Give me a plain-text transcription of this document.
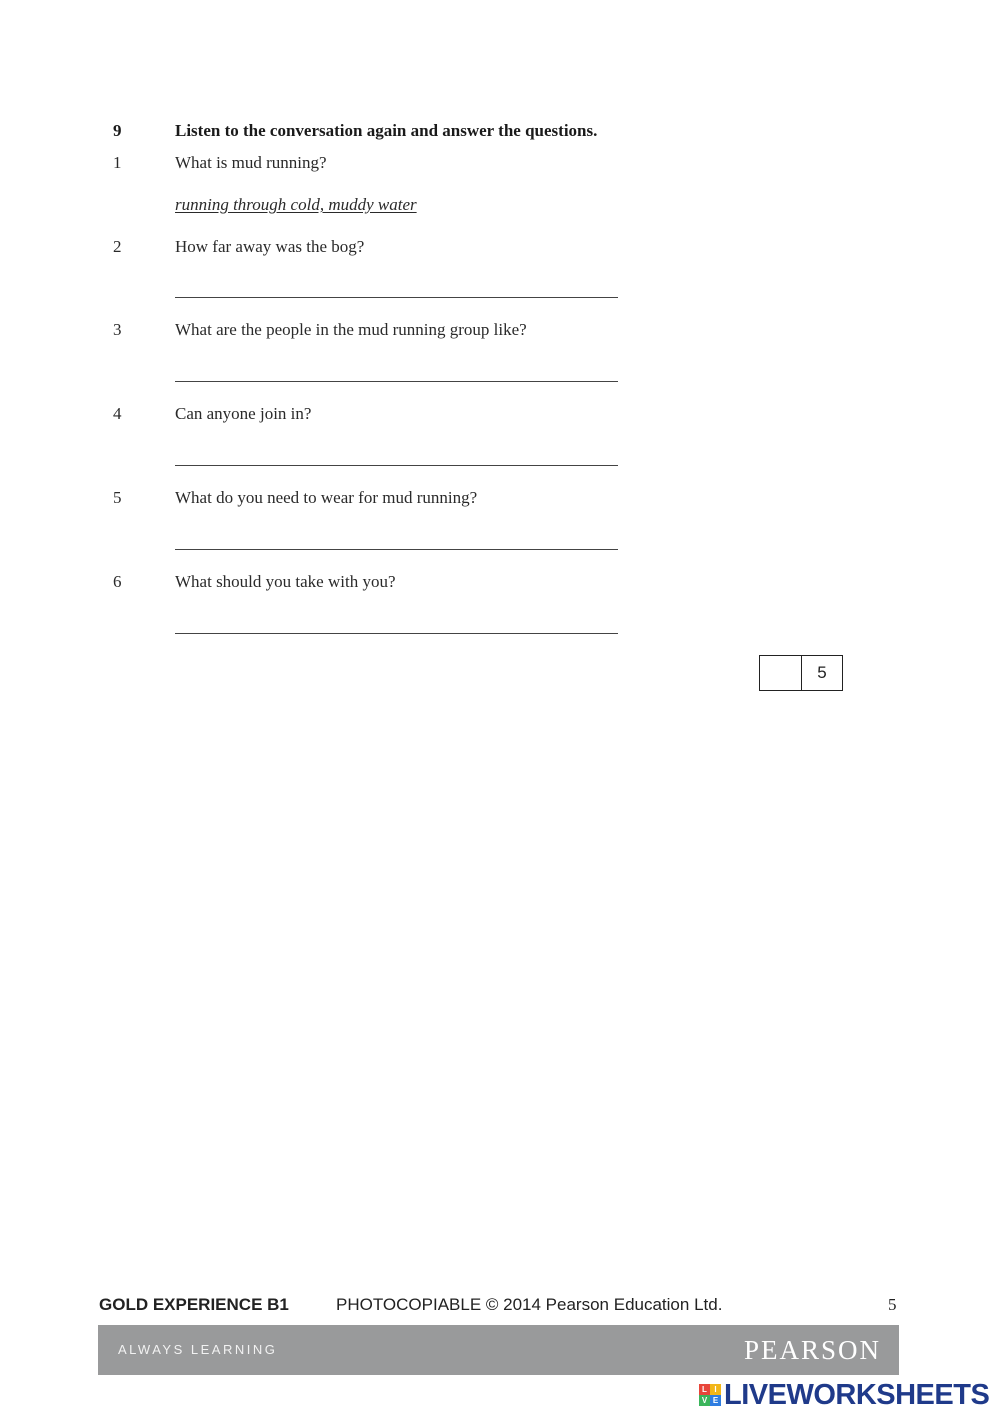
9	Listen to the conversation again and answer the questions.
1	What is mud running?
running through cold, muddy water
2	How far away was the bog?
3	What are the people in the mud running group like?
4	Can anyone join in?
5	What do you need to wear for mud running?
6	What should you take with you?
5
GOLD EXPERIENCE B1	PHOTOCOPIABLE © 2014 Pearson Education Ltd.	5
ALWAYS LEARNING	PEARSON
L I
V E LIVEWORKSHEETS
